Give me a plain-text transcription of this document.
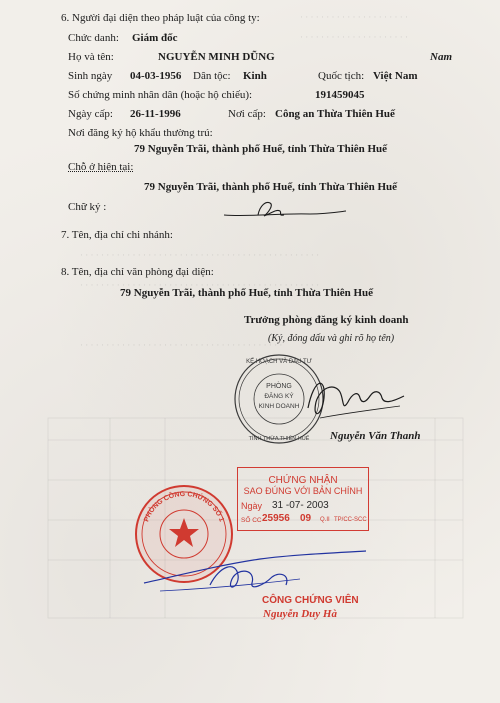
· · · · · · · · · · · · · · · · · · · · ·
· · · · · · · · · · · · · · · · · · · · ·
· · · · · · · · · · · · · · · · · · · · · · · · · · · · · · · · · · · · · · · · · · · · · ·
· · · · · · · · · · · · · · · · · · · · · · · · · · · · · · · · · · · · · · · · · · · · · ·
· · · · · · · · · · · · · · · · · · · · · · · · · · · · · · · · · · · · · · ·
6. Người đại diện theo pháp luật của công ty:
Chức danh: Giám đốc
Họ và tên:	NGUYỄN MINH DŨNG	Nam
Sinh ngày 04-03-1956 Dân tộc: Kinh	Quốc tịch: Việt Nam
Số chứng minh nhân dân (hoặc hộ chiếu):	191459045
Ngày cấp: 26-11-1996	Nơi cấp: Công an Thừa Thiên Huế
Nơi đăng ký hộ khẩu thường trú:
79 Nguyễn Trãi, thành phố Huế, tỉnh Thừa Thiên Huế
Chỗ ở hiện tại:
79 Nguyễn Trãi, thành phố Huế, tỉnh Thừa Thiên Huế
Chữ ký :
7. Tên, địa chỉ chi nhánh:
8. Tên, địa chỉ văn phòng đại diện:
79 Nguyễn Trãi, thành phố Huế, tỉnh Thừa Thiên Huế
Trưởng phòng đăng ký kinh doanh
(Ký, đóng dấu và ghi rõ họ tên)
KẾ HOẠCH VÀ ĐẦU TƯ
PHÒNG
ĐĂNG KÝ
KINH DOANH
TỈNH THỪA THIÊN HUẾ Nguyễn Văn Thanh
CHỨNG NHẬN
SAO ĐÚNG VỚI BẢN CHÍNH
Ngày 31 -07- 2003
SỐ CC 25956 09 Q.II TP/CC-SCC
PHÒNG CÔNG CHỨNG SỐ 1
CÔNG CHỨNG VIÊN
Nguyễn Duy Hà
